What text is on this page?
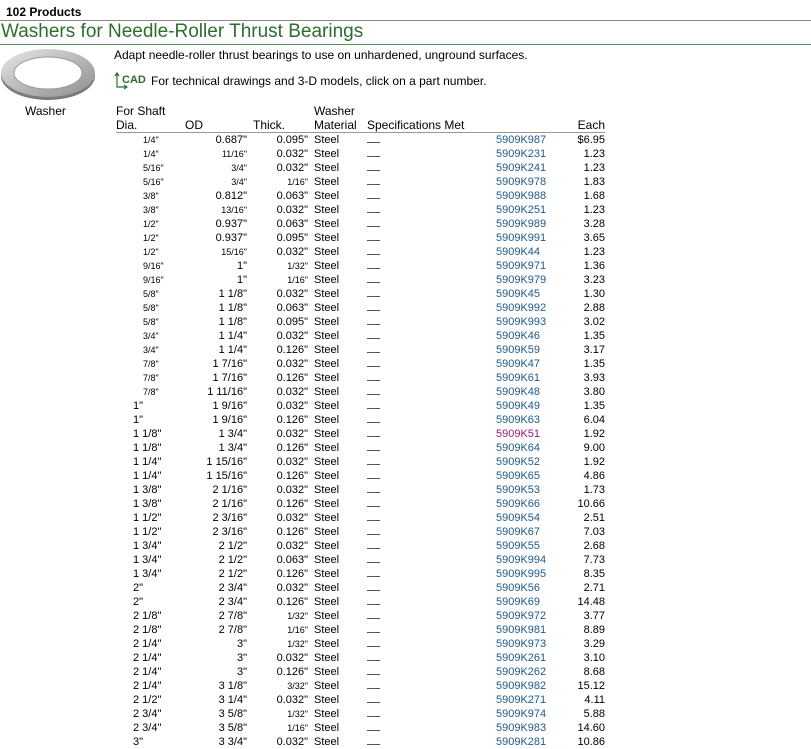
102 Products
Washers for Needle-Roller Thrust Bearings
Washer
Adapt needle-roller thrust bearings to use on unhardened, unground surfaces.
CAD For technical drawings and 3-D models, click on a part number.
For Shaft
Dia.	OD	Thick.	Washer
Material	Specifications Met		Each
1/4"	0.687"	0.095"	Steel		5909K987	$6.95
1/4"	11/16"	0.032"	Steel		5909K231	1.23
5/16"	3/4"	0.032"	Steel		5909K241	1.23
5/16"	3/4"	1/16"	Steel		5909K978	1.83
3/8"	0.812"	0.063"	Steel		5909K988	1.68
3/8"	13/16"	0.032"	Steel		5909K251	1.23
1/2"	0.937"	0.063"	Steel		5909K989	3.28
1/2"	0.937"	0.095"	Steel		5909K991	3.65
1/2"	15/16"	0.032"	Steel		5909K44	1.23
9/16"	1"	1/32"	Steel		5909K971	1.36
9/16"	1"	1/16"	Steel		5909K979	3.23
5/8"	1 1/8"	0.032"	Steel		5909K45	1.30
5/8"	1 1/8"	0.063"	Steel		5909K992	2.88
5/8"	1 1/8"	0.095"	Steel		5909K993	3.02
3/4"	1 1/4"	0.032"	Steel		5909K46	1.35
3/4"	1 1/4"	0.126"	Steel		5909K59	3.17
7/8"	1 7/16"	0.032"	Steel		5909K47	1.35
7/8"	1 7/16"	0.126"	Steel		5909K61	3.93
7/8"	1 11/16"	0.032"	Steel		5909K48	3.80
1"	1 9/16"	0.032"	Steel		5909K49	1.35
1"	1 9/16"	0.126"	Steel		5909K63	6.04
1 1/8"	1 3/4"	0.032"	Steel		5909K51	1.92
1 1/8"	1 3/4"	0.126"	Steel		5909K64	9.00
1 1/4"	1 15/16"	0.032"	Steel		5909K52	1.92
1 1/4"	1 15/16"	0.126"	Steel		5909K65	4.86
1 3/8"	2 1/16"	0.032"	Steel		5909K53	1.73
1 3/8"	2 1/16"	0.126"	Steel		5909K66	10.66
1 1/2"	2 3/16"	0.032"	Steel		5909K54	2.51
1 1/2"	2 3/16"	0.126"	Steel		5909K67	7.03
1 3/4"	2 1/2"	0.032"	Steel		5909K55	2.68
1 3/4"	2 1/2"	0.063"	Steel		5909K994	7.73
1 3/4"	2 1/2"	0.126"	Steel		5909K995	8.35
2"	2 3/4"	0.032"	Steel		5909K56	2.71
2"	2 3/4"	0.126"	Steel		5909K69	14.48
2 1/8"	2 7/8"	1/32"	Steel		5909K972	3.77
2 1/8"	2 7/8"	1/16"	Steel		5909K981	8.89
2 1/4"	3"	1/32"	Steel		5909K973	3.29
2 1/4"	3"	0.032"	Steel		5909K261	3.10
2 1/4"	3"	0.126"	Steel		5909K262	8.68
2 1/4"	3 1/8"	3/32"	Steel		5909K982	15.12
2 1/2"	3 1/4"	0.032"	Steel		5909K271	4.11
2 3/4"	3 5/8"	1/32"	Steel		5909K974	5.88
2 3/4"	3 5/8"	1/16"	Steel		5909K983	14.60
3"	3 3/4"	0.032"	Steel		5909K281	10.86
